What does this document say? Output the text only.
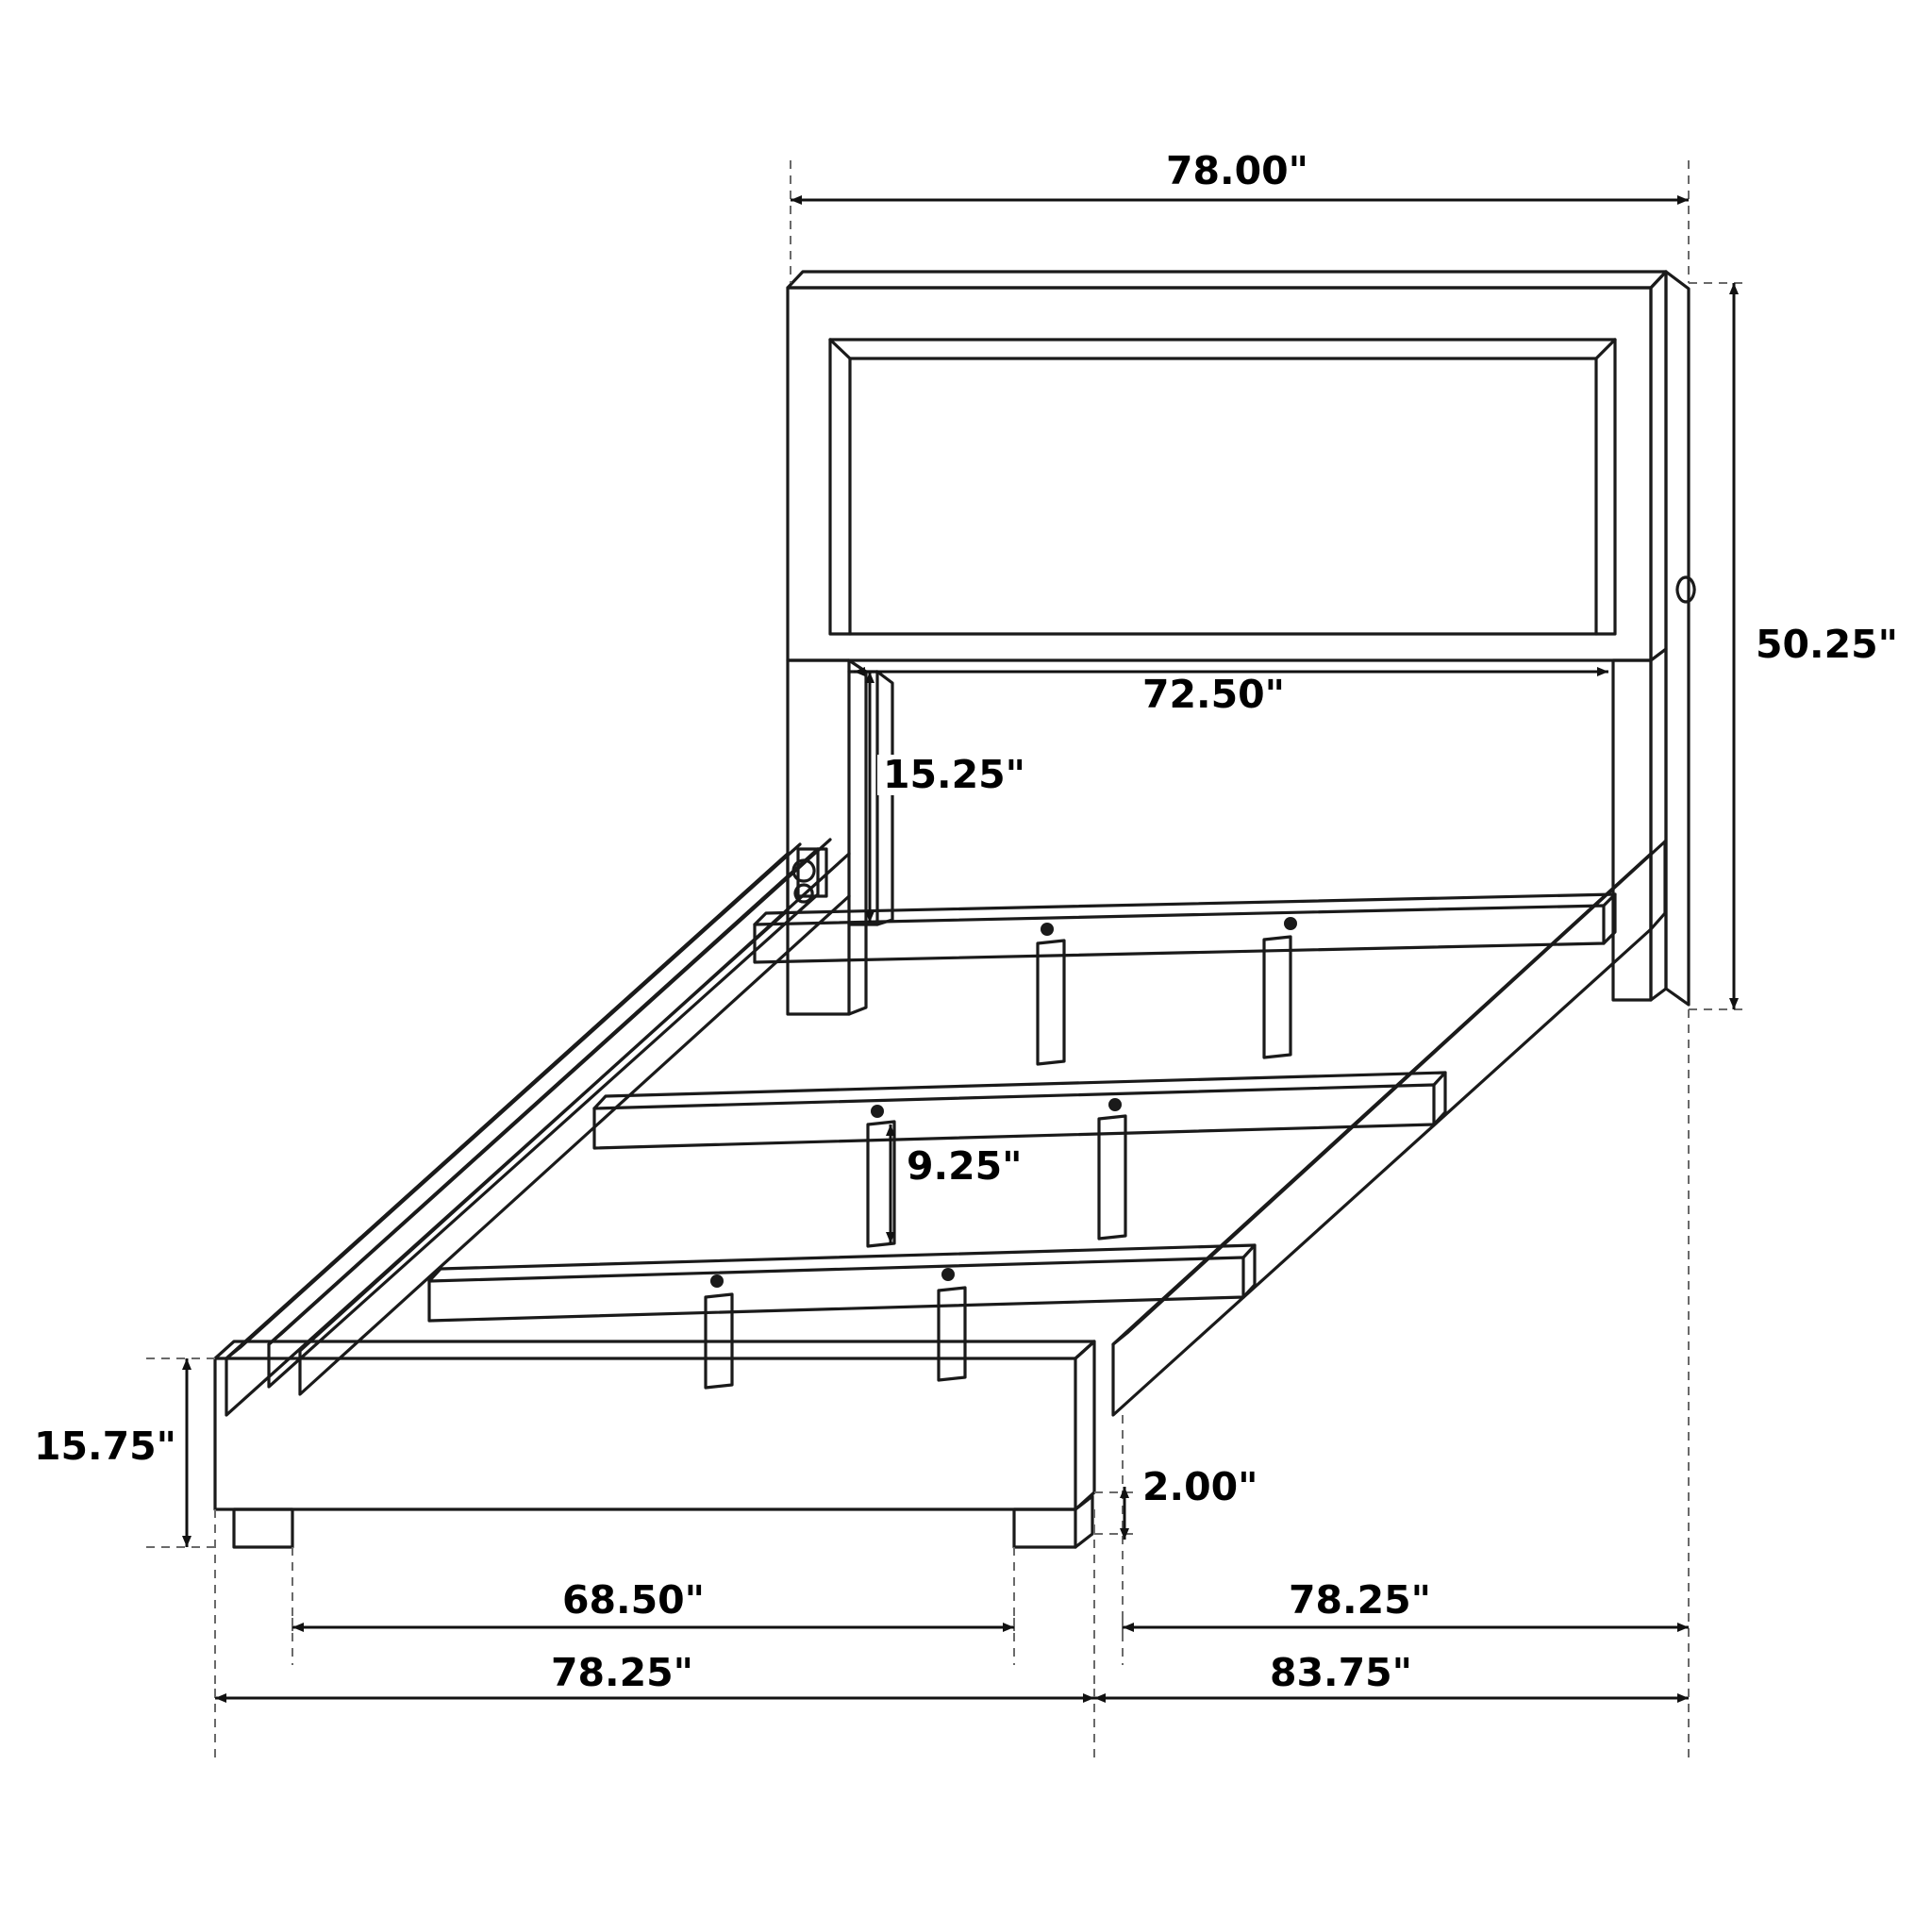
78.00"
50.25"
72.50"
15.25"
9.25"
15.75"
2.00"
68.50"	78.25"
78.25"	83.75"
